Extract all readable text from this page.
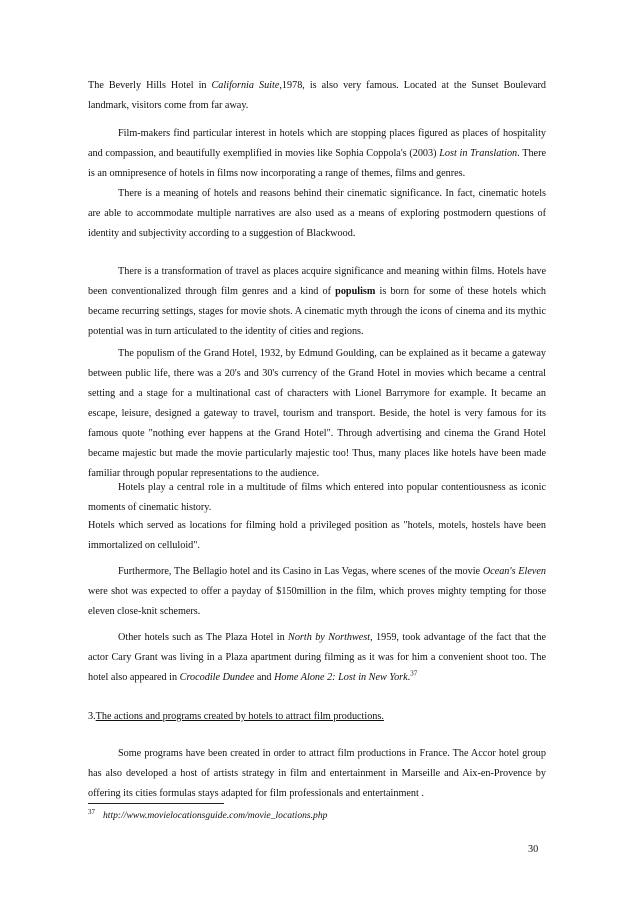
The Beverly Hills Hotel in California Suite,1978, is also very famous. Located at the Sunset Boulevard landmark, visitors come from far away.

Film-makers find particular interest in hotels which are stopping places figured as places of hospitality and compassion, and beautifully exemplified in movies like Sophia Coppola's (2003) Lost in Translation. There is an omnipresence of hotels in films now incorporating a range of themes, films and genres.

There is a meaning of hotels and reasons behind their cinematic significance. In fact, cinematic hotels are able to accommodate multiple narratives are also used as a means of exploring postmodern questions of identity and subjectivity according to a suggestion of Blackwood.

There is a transformation of travel as places acquire significance and meaning within films. Hotels have been conventionalized through film genres and a kind of populism is born for some of these hotels which became recurring settings, stages for movie shots. A cinematic myth through the icons of cinema and its mythic potential was in turn articulated to the identity of cities and regions.

The populism of the Grand Hotel, 1932, by Edmund Goulding, can be explained as it became a gateway between public life, there was a 20's and 30's currency of the Grand Hotel in movies which became a central setting and a stage for a multinational cast of characters with Lionel Barrymore for example. It became an escape, leisure, designed a gateway to travel, tourism and transport. Beside, the hotel is very famous for its famous quote "nothing ever happens at the Grand Hotel". Through advertising and cinema the Grand Hotel became majestic but made the movie particularly majestic too! Thus, many places like hotels have been made familiar through popular representations to the audience.

Hotels play a central role in a multitude of films which entered into popular contentiousness as iconic moments of cinematic history.

Hotels which served as locations for filming hold a privileged position as "hotels, motels, hostels have been immortalized on celluloid".

Furthermore, The Bellagio hotel and its Casino in Las Vegas, where scenes of the movie Ocean's Eleven were shot was expected to offer a payday of $150million in the film, which proves mighty tempting for those eleven close-knit schemers.

Other hotels such as The Plaza Hotel in North by Northwest, 1959, took advantage of the fact that the actor Cary Grant was living in a Plaza apartment during filming as it was for him a convenient shoot too. The hotel also appeared in Crocodile Dundee and Home Alone 2: Lost in New York.$^{37}$

3.The actions and programs created by hotels to attract film productions.

Some programs have been created in order to attract film productions in France. The Accor hotel group has also developed a host of artists strategy in film and entertainment in Marseille and Aix-en-Provence by offering its cities formulas stays adapted for film professionals and entertainment .

$^{37}$ http://www.movielocationsguide.com/movie_locations.php

30
